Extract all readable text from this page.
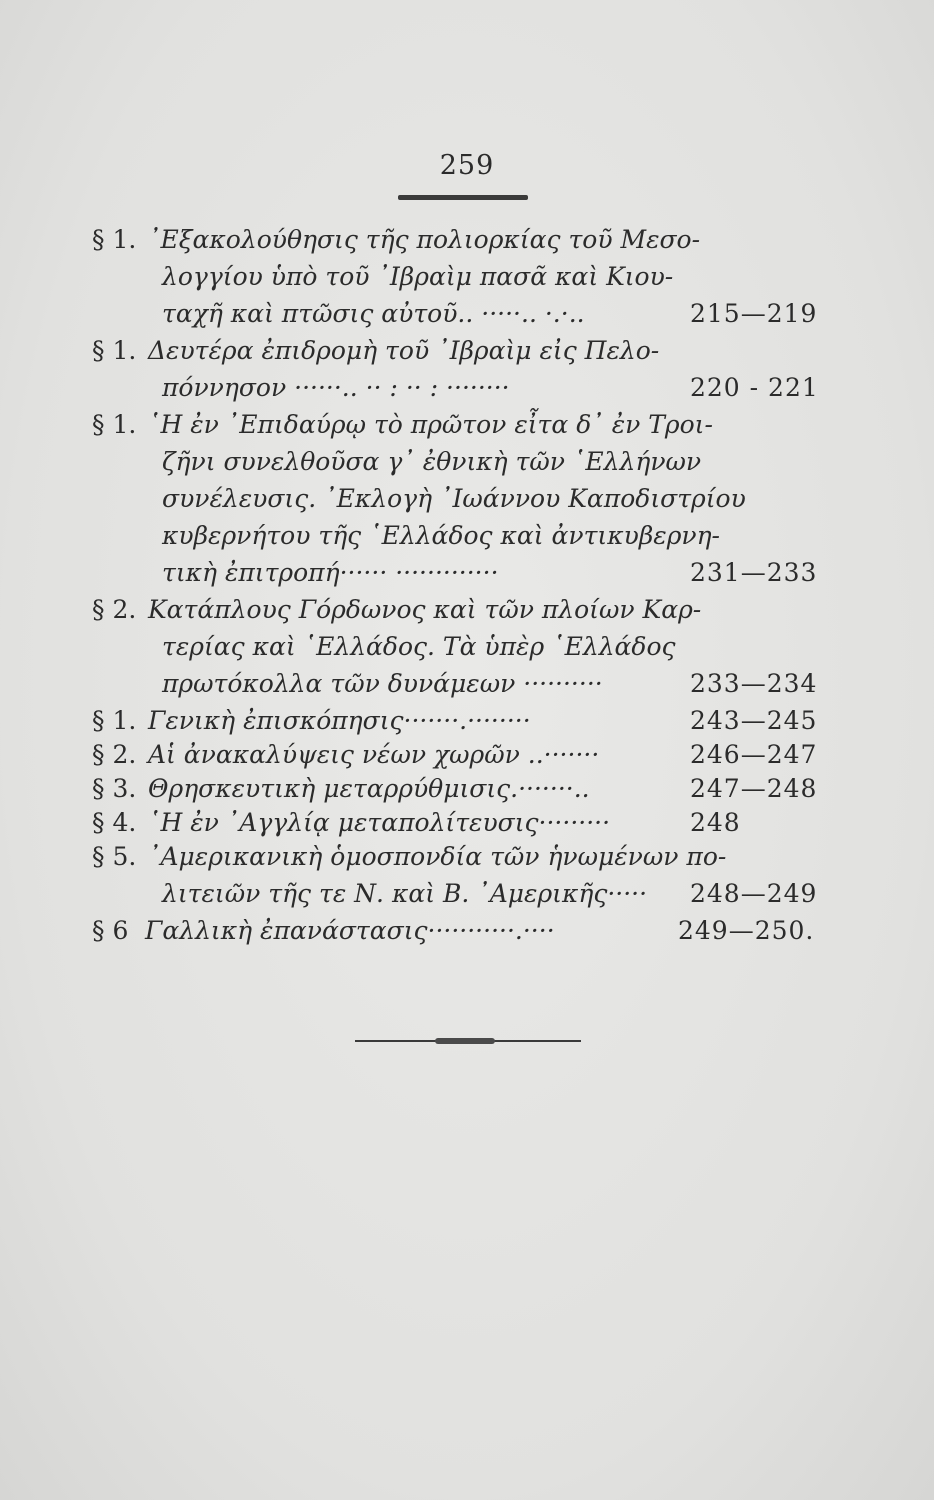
259
§ 1. ᾿Εξακολούθησις τῆς πολιορκίας τοῦ Μεσο-
λογγίου ὑπὸ τοῦ ᾿Ιβραὶμ πασᾶ καὶ Κιου-
ταχῆ καὶ πτῶσις αὐτοῦ.. ·····.. ·.·..	215—219
§ 1. Δευτέρα ἐπιδρομὴ τοῦ ᾿Ιβραὶμ εἰς Πελο-
πόννησον ······.. ·· : ·· : ········	220 - 221
§ 1. ῾Η ἐν ᾿Επιδαύρῳ τὸ πρῶτον εἶτα δ᾿ ἐν Τροι-
ζῆνι συνελθοῦσα γ᾿ ἐθνικὴ τῶν ῾Ελλήνων
συνέλευσις. ᾿Εκλογὴ ᾿Ιωάννου Καποδιστρίου
κυβερνήτου τῆς ῾Ελλάδος καὶ ἀντικυβερνη-
τικὴ ἐπιτροπή······ ·············	231—233
§ 2. Κατάπλους Γόρδωνος καὶ τῶν πλοίων Καρ-
τερίας καὶ ῾Ελλάδος. Τὰ ὑπὲρ ῾Ελλάδος
πρωτόκολλα τῶν δυνάμεων ··········	233—234
§ 1. Γενικὴ ἐπισκόπησις·······.········	243—245
§ 2. Αἱ ἀνακαλύψεις νέων χωρῶν ..·······	246—247
§ 3. Θρησκευτικὴ μεταρρύθμισις.·······..	247—248
§ 4. ῾Η ἐν ᾿Αγγλίᾳ μεταπολίτευσις·········	248
§ 5. ᾿Αμερικανικὴ ὁμοσπονδία τῶν ἡνωμένων πο-
λιτειῶν τῆς τε Ν. καὶ Β. ᾿Αμερικῆς····· 248—249
§ 6 Γαλλικὴ ἐπανάστασις···········.····	249—250.
